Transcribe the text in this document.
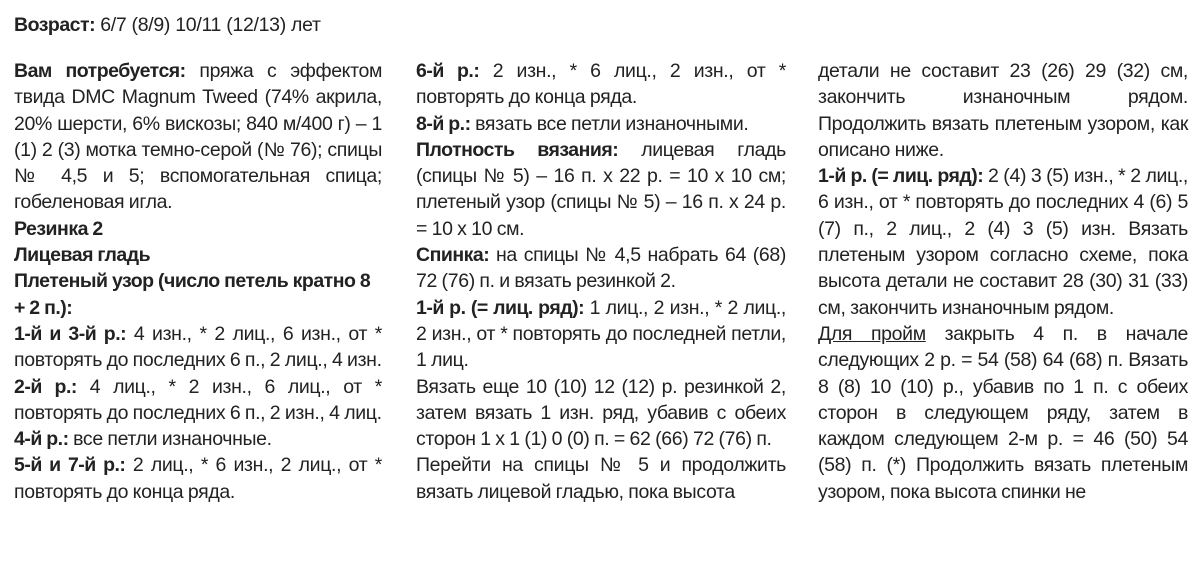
Возраст: 6/7 (8/9) 10/11 (12/13) лет

Вам потребуется: пряжа с эффектом твида DMC Magnum Tweed (74% акрила, 20% шерсти, 6% вискозы; 840 м/400 г) – 1 (1) 2 (3) мотка темно-серой (№ 76); спицы № 4,5 и 5; вспомогательная спица; гобеленовая игла.

Резинка 2

Лицевая гладь

Плетеный узор (число петель кратно 8 + 2 п.):

1-й и 3-й р.: 4 изн., * 2 лиц., 6 изн., от * повторять до последних 6 п., 2 лиц., 4 изн.

2-й р.: 4 лиц., * 2 изн., 6 лиц., от * повторять до последних 6 п., 2 изн., 4 лиц.

4-й р.: все петли изнаночные.

5-й и 7-й р.: 2 лиц., * 6 изн., 2 лиц., от * повторять до конца ряда.

6-й р.: 2 изн., * 6 лиц., 2 изн., от * повторять до конца ряда.

8-й р.: вязать все петли изнаночными.

Плотность вязания: лицевая гладь (спицы № 5) – 16 п. х 22 р. = 10 х 10 см; плетеный узор (спицы № 5) – 16 п. х 24 р. = 10 х 10 см.

Спинка: на спицы № 4,5 набрать 64 (68) 72 (76) п. и вязать резинкой 2.

1-й р. (= лиц. ряд): 1 лиц., 2 изн., * 2 лиц., 2 изн., от * повторять до последней петли, 1 лиц.

Вязать еще 10 (10) 12 (12) р. резинкой 2, затем вязать 1 изн. ряд, убавив с обеих сторон 1 х 1 (1) 0 (0) п. = 62 (66) 72 (76) п.

Перейти на спицы № 5 и продолжить вязать лицевой гладью, пока высота

детали не составит 23 (26) 29 (32) см, закончить изнаночным рядом. Продолжить вязать плетеным узором, как описано ниже.

1-й р. (= лиц. ряд): 2 (4) 3 (5) изн., * 2 лиц., 6 изн., от * повторять до последних 4 (6) 5 (7) п., 2 лиц., 2 (4) 3 (5) изн. Вязать плетеным узором согласно схеме, пока высота детали не составит 28 (30) 31 (33) см, закончить изнаночным рядом.

Для пройм закрыть 4 п. в начале следующих 2 р. = 54 (58) 64 (68) п. Вязать 8 (8) 10 (10) р., убавив по 1 п. с обеих сторон в следующем ряду, затем в каждом следующем 2-м р. = 46 (50) 54 (58) п. (*) Продолжить вязать плетеным узором, пока высота спинки не
